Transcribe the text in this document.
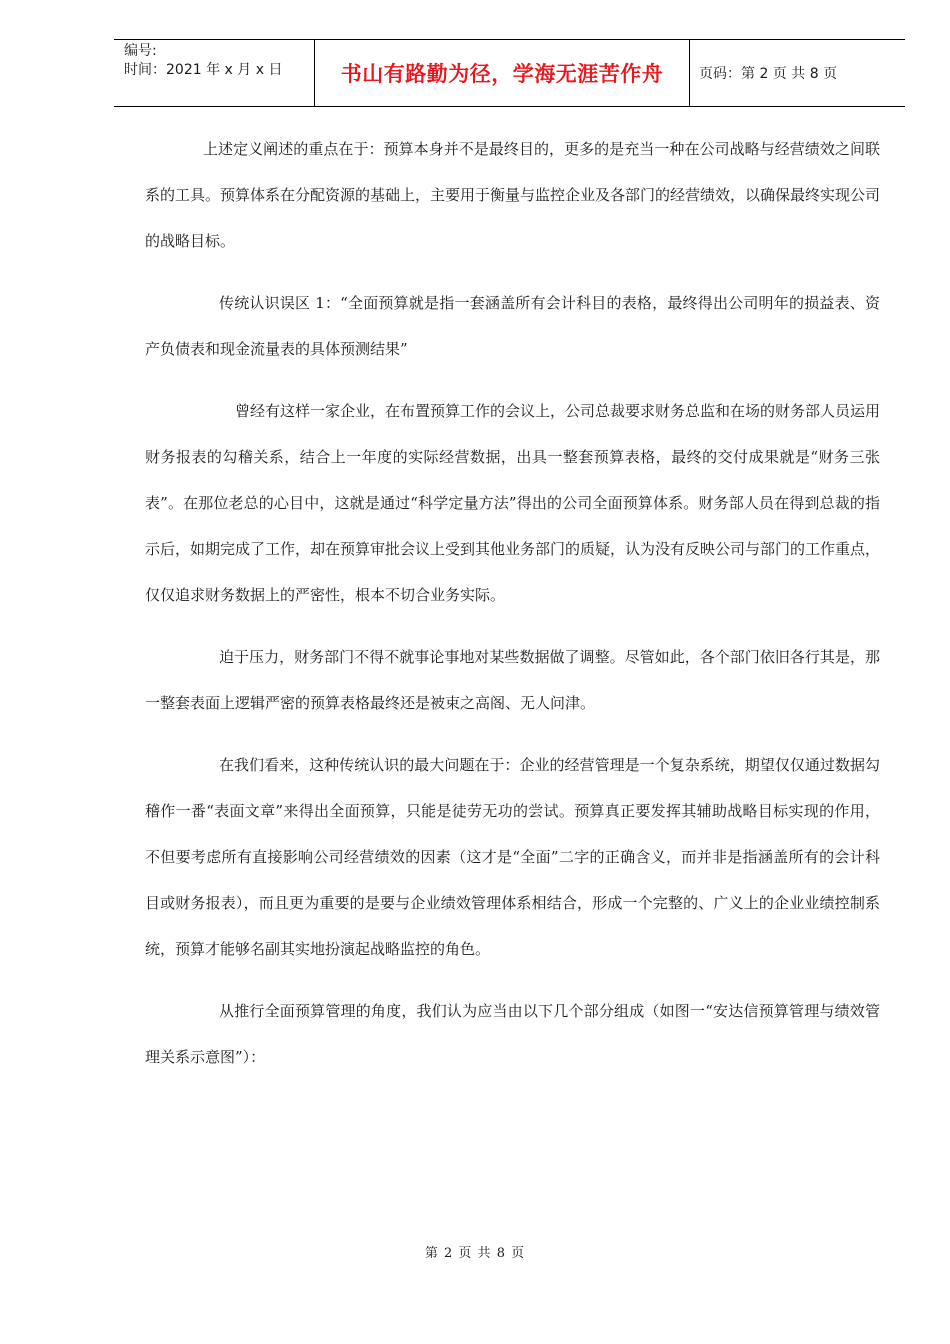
编号:
时间：2021 年 x 月 x 日	书山有路勤为径，学海无涯苦作舟	页码：第 2 页 共 8 页

上述定义阐述的重点在于：预算本身并不是最终目的，更多的是充当一种在公司战略与经营绩效之间联系的工具。预算体系在分配资源的基础上，主要用于衡量与监控企业及各部门的经营绩效，以确保最终实现公司的战略目标。

传统认识误区 1：“全面预算就是指一套涵盖所有会计科目的表格，最终得出公司明年的损益表、资产负债表和现金流量表的具体预测结果”

曾经有这样一家企业，在布置预算工作的会议上，公司总裁要求财务总监和在场的财务部人员运用财务报表的勾稽关系，结合上一年度的实际经营数据，出具一整套预算表格，最终的交付成果就是“财务三张表”。在那位老总的心目中，这就是通过“科学定量方法”得出的公司全面预算体系。财务部人员在得到总裁的指示后，如期完成了工作，却在预算审批会议上受到其他业务部门的质疑，认为没有反映公司与部门的工作重点，仅仅追求财务数据上的严密性，根本不切合业务实际。

迫于压力，财务部门不得不就事论事地对某些数据做了调整。尽管如此，各个部门依旧各行其是，那一整套表面上逻辑严密的预算表格最终还是被束之高阁、无人问津。

在我们看来，这种传统认识的最大问题在于：企业的经营管理是一个复杂系统，期望仅仅通过数据勾稽作一番“表面文章”来得出全面预算，只能是徒劳无功的尝试。预算真正要发挥其辅助战略目标实现的作用，不但要考虑所有直接影响公司经营绩效的因素（这才是“全面”二字的正确含义，而并非是指涵盖所有的会计科目或财务报表），而且更为重要的是要与企业绩效管理体系相结合，形成一个完整的、广义上的企业业绩控制系统，预算才能够名副其实地扮演起战略监控的角色。

从推行全面预算管理的角度，我们认为应当由以下几个部分组成（如图一“安达信预算管理与绩效管理关系示意图”）：

第 2 页 共 8 页
